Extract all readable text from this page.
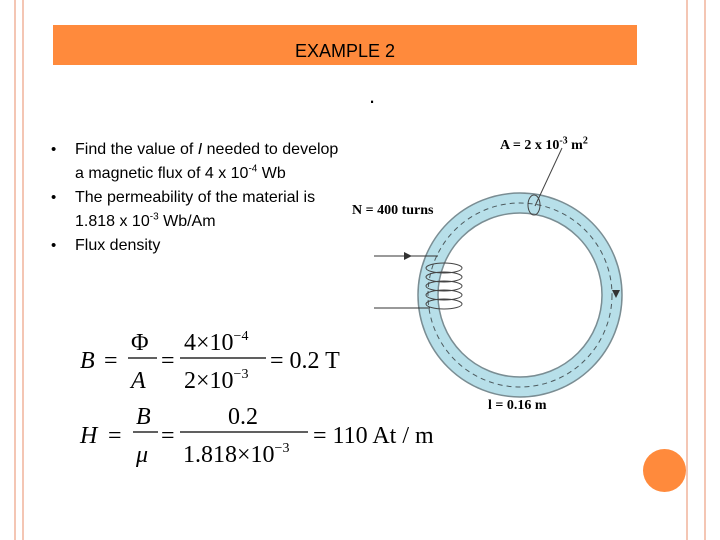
EXAMPLE 2
.
• Find the value of I needed to develop a magnetic flux of 4 x $10^{-4}$ Wb
• The permeability of the material is 1.818 x $10^{-3}$ Wb/Am
• Flux density
A = 2 x $10^{-3}$ $m^2$
N = 400 turns
l = 0.16 m
B =
Φ
A
=
$4\times 10^{-4}$
$2\times 10^{-3}$
= 0.2 T
H =
B
μ
=
0.2
$1.818\times 10^{-3} = 110$ At / m
